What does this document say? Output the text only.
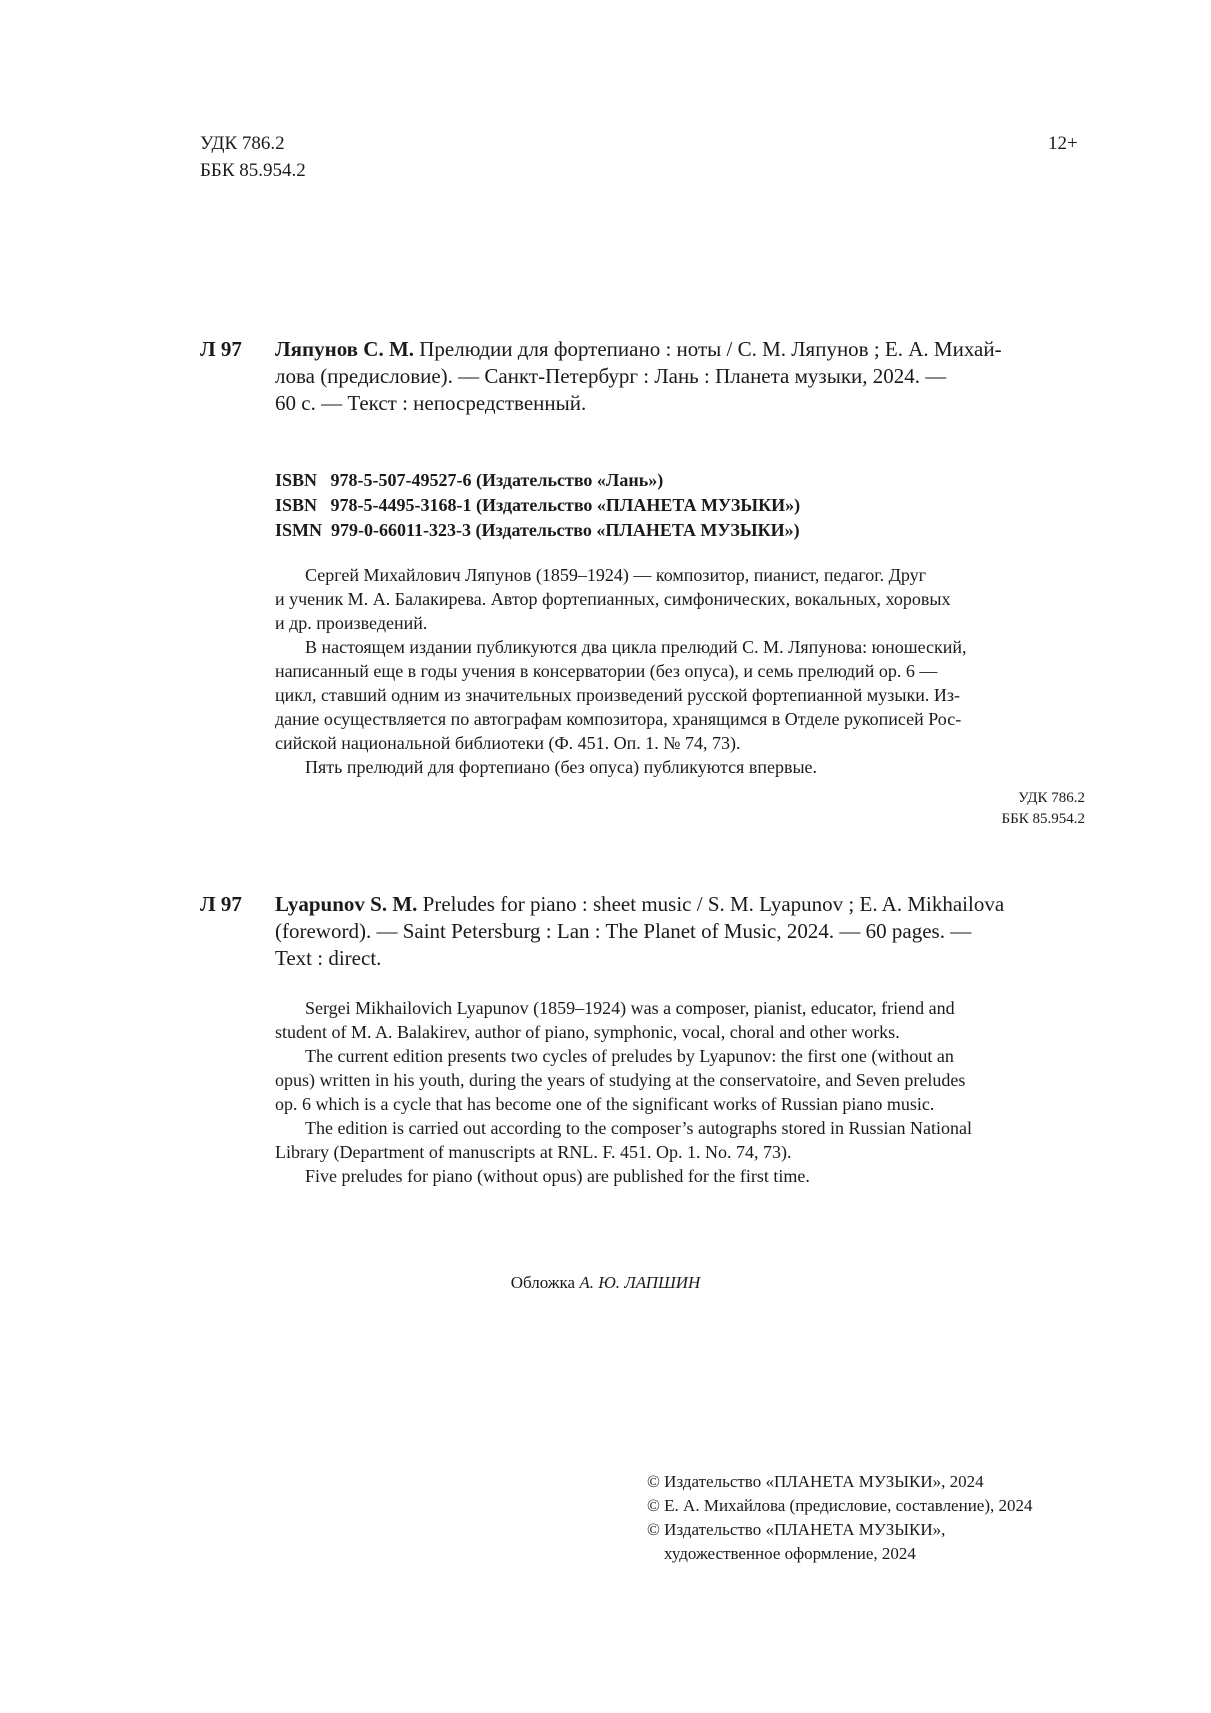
УДК 786.2
ББК 85.954.2
12+
Л 97 Ляпунов С. М. Прелюдии для фортепиано : ноты / С. М. Ляпунов ; Е. А. Михай-
лова (предисловие). — Санкт-Петербург : Лань : Планета музыки, 2024. —
60 с. — Текст : непосредственный.
ISBN   978-5-507-49527-6 (Издательство «Лань»)
ISBN   978-5-4495-3168-1 (Издательство «ПЛАНЕТА МУЗЫКИ»)
ISMN  979-0-66011-323-3 (Издательство «ПЛАНЕТА МУЗЫКИ»)

Сергей Михайлович Ляпунов (1859–1924) — композитор, пианист, педагог. Друг

и ученик М. А. Балакирева. Автор фортепианных, симфонических, вокальных, хоровых

и др. произведений.

В настоящем издании публикуются два цикла прелюдий С. М. Ляпунова: юношеский,

написанный еще в годы учения в консерватории (без опуса), и семь прелюдий ор. 6 —

цикл, ставший одним из значительных произведений русской фортепианной музыки. Из-

дание осуществляется по автографам композитора, хранящимся в Отделе рукописей Рос-

сийской национальной библиотеки (Ф. 451. Оп. 1. № 74, 73).

Пять прелюдий для фортепиано (без опуса) публикуются впервые.

УДК 786.2
ББК 85.954.2
Л 97 Lyapunov S. M. Preludes for piano : sheet music / S. M. Lyapunov ; E. A. Mikhailova
(foreword). — Saint Petersburg : Lan : The Planet of Music, 2024. — 60 pages. —
Text : direct.

Sergei Mikhailovich Lyapunov (1859–1924) was a composer, pianist, educator, friend and

student of M. A. Balakirev, author of piano, symphonic, vocal, choral and other works.

The current edition presents two cycles of preludes by Lyapunov: the first one (without an

opus) written in his youth, during the years of studying at the conservatoire, and Seven preludes

op. 6 which is a cycle that has become one of the significant works of Russian piano music.

The edition is carried out according to the composer’s autographs stored in Russian National

Library (Department of manuscripts at RNL. F. 451. Op. 1. No. 74, 73).

Five preludes for piano (without opus) are published for the first time.

Обложка А. Ю. ЛАПШИН
© Издательство «ПЛАНЕТА МУЗЫКИ», 2024
© Е. А. Михайлова (предисловие, составление), 2024
© Издательство «ПЛАНЕТА МУЗЫКИ»,
художественное оформление, 2024
